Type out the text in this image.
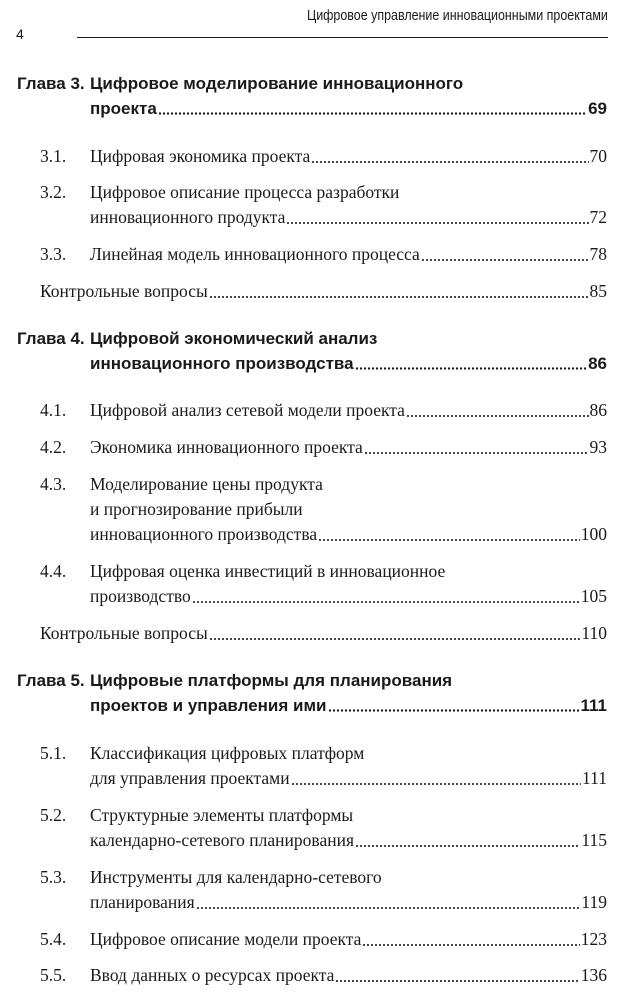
4
Цифровое управление инновационными проектами
Глава 3. Цифровое моделирование инновационного
проекта	69
3.1. Цифровая экономика проекта	70
3.2. Цифровое описание процесса разработки
инновационного продукта	72
3.3. Линейная модель инновационного процесса	78
Контрольные вопросы	85
Глава 4. Цифровой экономический анализ
инновационного производства	86
4.1. Цифровой анализ сетевой модели проекта	86
4.2. Экономика инновационного проекта	93
4.3. Моделирование цены продукта
и прогнозирование прибыли
инновационного производства	100
4.4. Цифровая оценка инвестиций в инновационное
производство	105
Контрольные вопросы	110
Глава 5. Цифровые платформы для планирования
проектов и управления ими	111
5.1. Классификация цифровых платформ
для управления проектами	111
5.2. Структурные элементы платформы
календарно-сетевого планирования	115
5.3. Инструменты для календарно-сетевого
планирования	119
5.4. Цифровое описание модели проекта	123
5.5. Ввод данных о ресурсах проекта	136
